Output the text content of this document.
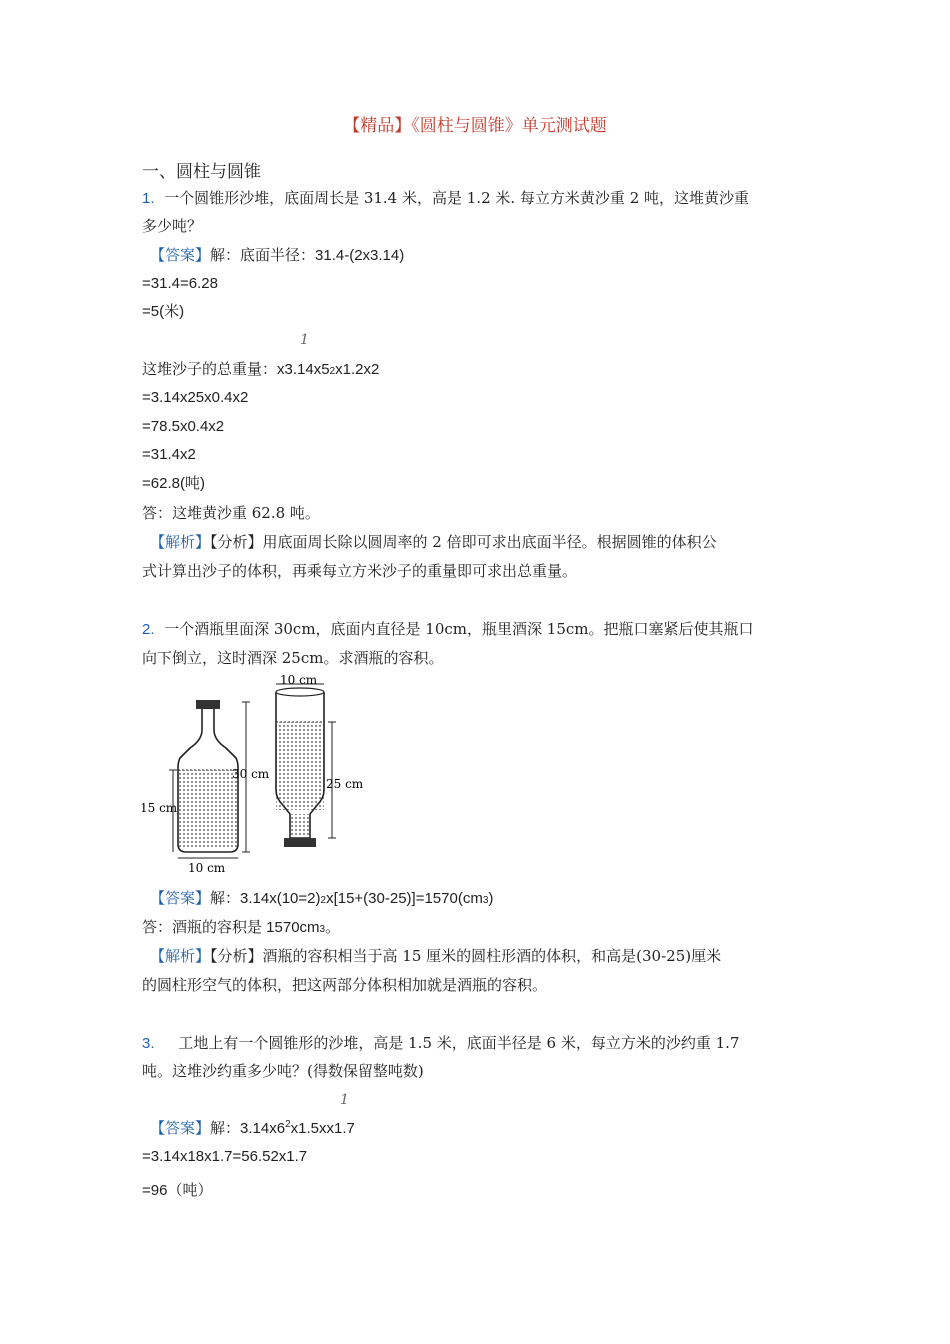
【精品】《圆柱与圆锥》单元测试题
一、圆柱与圆锥
1. 一个圆锥形沙堆，底面周长是 31.4 米，高是 1.2 米. 每立方米黄沙重 2 吨，这堆黄沙重
多少吨？
【答案】解：底面半径：31.4-(2x3.14)
=31.4=6.28
=5(米)
1
这堆沙子的总重量：x3.14x52x1.2x2
=3.14x25x0.4x2
=78.5x0.4x2
=31.4x2
=62.8(吨)
答：这堆黄沙重 62.8 吨。
【解析】【分析】用底面周长除以圆周率的 2 倍即可求出底面半径。根据圆锥的体积公
式计算出沙子的体积，再乘每立方米沙子的重量即可求出总重量。
2. 一个酒瓶里面深 30cm，底面内直径是 10cm，瓶里酒深 15cm。把瓶口塞紧后使其瓶口
向下倒立，这时酒深 25cm。求酒瓶的容积。
30 cm
15 cm
10 cm
10 cm
25 cm
【答案】解：3.14x(10=2)2x[15+(30-25)]=1570(cm3)
答：酒瓶的容积是 1570cm3。
【解析】【分析】酒瓶的容积相当于高 15 厘米的圆柱形酒的体积，和高是(30-25)厘米
的圆柱形空气的体积，把这两部分体积相加就是酒瓶的容积。
3. 工地上有一个圆锥形的沙堆，高是 1.5 米，底面半径是 6 米，每立方米的沙约重 1.7
吨。这堆沙约重多少吨？(得数保留整吨数)
1
【答案】解：$3.14x6^2x1.5xx1.7$
=3.14x18x1.7=56.52x1.7
=96（吨）
